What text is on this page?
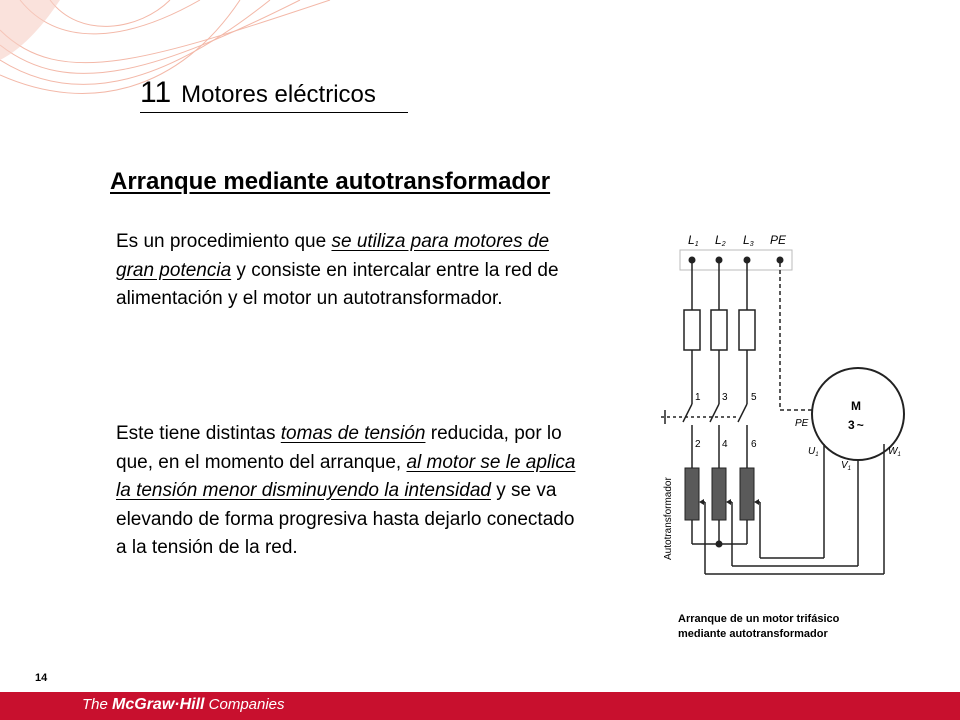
11 Motores eléctricos
Arranque mediante autotransformador
Es un procedimiento que se utiliza para motores de gran potencia y consiste en intercalar entre la red de alimentación y el motor un autotransformador.
Este tiene distintas tomas de tensión reducida, por lo que, en el momento del arranque, al motor se le aplica la tensión menor disminuyendo la intensidad y se va elevando de forma progresiva hasta dejarlo conectado a la tensión de la red.
L1 L2 L3 PE
1 3 5
2 4 6
Autotransformador
M
3 ~
PE
$U_1$
$V_1$
$W_1$
Arranque de un motor trifásico
mediante autotransformador
14
The McGraw·Hill Companies
